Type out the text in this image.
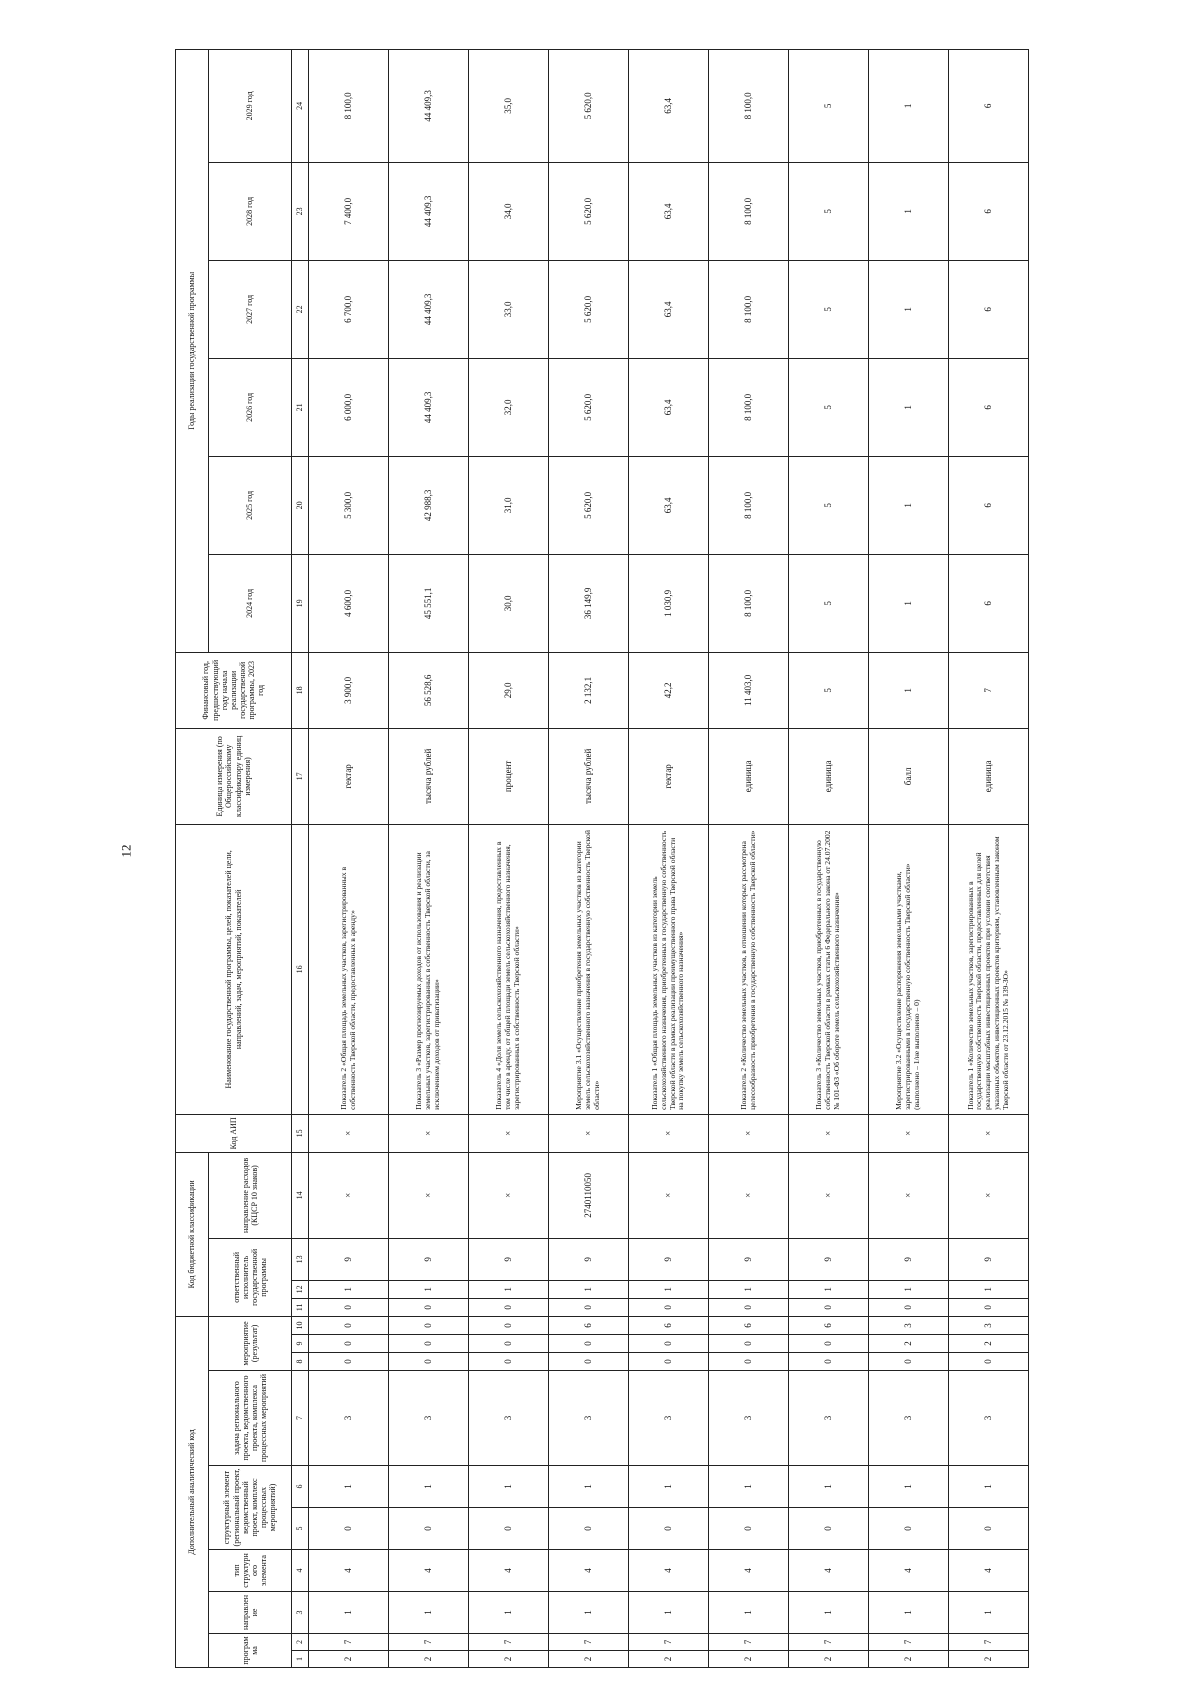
12
Дополнительный аналитический код										Код бюджетной классификации				Код АИП	Наименование государственной программы, целей, показателей цели, направлений, задач, мероприятий, показателей	Единица измерения (по Общероссийскому классификатору единиц измерения)	Финансовый год, предшествующий году начала реализации государственной программы, 2023 год	Годы реализации государственной программы					
программа		направление	тип структурного элемента	структурный элемент (региональный проект, ведомственный проект, комплекс процессных мероприятий)		задача регионального проекта, ведомственного проекта, комплекса процессных мероприятий	мероприятие (результат)			ответственный исполнитель государственной программы			направление расходов (КЦСР 10 знаков)					2024 год	2025 год	2026 год	2027 год	2028 год	2029 год

1	2	3	4	5	6	7	8	9	10	11	12	13	14	15	16	17	18	19	20	21	22	23	24
2	7	1	4	0	1	3	0	0	0	0	1	9	×	×	Показатель 2 «Общая площадь земельных участков, зарегистрированных в собственность Тверской области, предоставленных в аренду»	гектар	3 900,0	4 600,0	5 300,0	6 000,0	6 700,0	7 400,0	8 100,0
2	7	1	4	0	1	3	0	0	0	0	1	9	×	×	Показатель 3 «Размер прогнозируемых доходов от использования и реализации земельных участков, зарегистрированных в собственность Тверской области, за исключением доходов от приватизации»	тысяча рублей	56 528,6	45 551,1	42 988,3	44 409,3	44 409,3	44 409,3	44 409,3
2	7	1	4	0	1	3	0	0	0	0	1	9	×	×	Показатель 4 «Доля земель сельскохозяйственного назначения, предоставленных в том числе в аренду, от общей площади земель сельскохозяйственного назначения, зарегистрированных в собственность Тверской области»	процент	29,0	30,0	31,0	32,0	33,0	34,0	35,0
2	7	1	4	0	1	3	0	0	6	0	1	9	2740110050	×	Мероприятие 3.1 «Осуществление приобретения земельных участков из категории земель сельскохозяйственного назначения в государственную собственность Тверской области»	тысяча рублей	2 132,1	36 149,9	5 620,0	5 620,0	5 620,0	5 620,0	5 620,0
2	7	1	4	0	1	3	0	0	6	0	1	9	×	×	Показатель 1 «Общая площадь земельных участков из категории земель сельскохозяйственного назначения, приобретенных в государственную собственность Тверской области в рамках реализации преимущественного права Тверской области на покупку земель сельскохозяйственного назначения»	гектар	42,2	1 030,9	63,4	63,4	63,4	63,4	63,4
2	7	1	4	0	1	3	0	0	6	0	1	9	×	×	Показатель 2 «Количество земельных участков, в отношении которых рассмотрена целесообразность приобретения в государственную собственность Тверской области»	единица	11 403,0	8 100,0	8 100,0	8 100,0	8 100,0	8 100,0	8 100,0
2	7	1	4	0	1	3	0	0	6	0	1	9	×	×	Показатель 3 «Количество земельных участков, приобретенных в государственную собственность Тверской области в рамках статьи 6 Федерального закона от 24.07.2002 № 101-ФЗ «Об обороте земель сельскохозяйственного назначения»	единица	5	5	5	5	5	5	5
2	7	1	4	0	1	3	0	2	3	0	1	9	×	×	Мероприятие 3.2 «Осуществление распоряжения земельными участками, зарегистрированными в государственную собственность Тверской области» (выполнено – 1/не выполнено – 0)	балл	1	1	1	1	1	1	1
2	7	1	4	0	1	3	0	2	3	0	1	9	×	×	Показатель 1 «Количество земельных участков, зарегистрированных в государственную собственность Тверской области, предоставленных для целей реализации масштабных инвестиционных проектов при условии соответствия указанных объектов, инвестиционных проектов критериям, установленным законом Тверской области от 23.12.2015 № 139-ЗО»	единица	7	6	6	6	6	6	6
